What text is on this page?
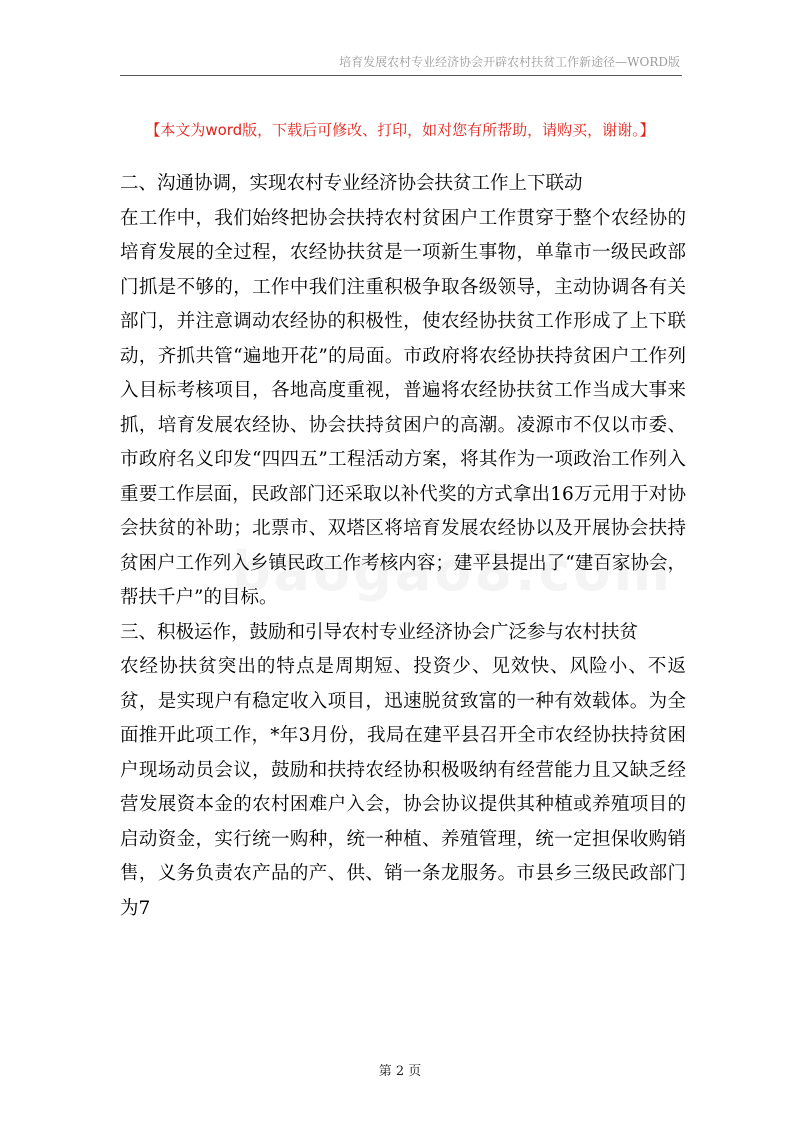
培育发展农村专业经济协会开辟农村扶贫工作新途径—WORD版
【本文为word版，下载后可修改、打印，如对您有所帮助，请购买，谢谢。】

二、沟通协调，实现农村专业经济协会扶贫工作上下联动

在工作中，我们始终把协会扶持农村贫困户工作贯穿于整个农经协的培育发展的全过程，农经协扶贫是一项新生事物，单靠市一级民政部门抓是不够的，工作中我们注重积极争取各级领导，主动协调各有关部门，并注意调动农经协的积极性，使农经协扶贫工作形成了上下联动，齐抓共管“遍地开花”的局面。市政府将农经协扶持贫困户工作列入目标考核项目，各地高度重视，普遍将农经协扶贫工作当成大事来抓，培育发展农经协、协会扶持贫困户的高潮。凌源市不仅以市委、市政府名义印发“四四五”工程活动方案，将其作为一项政治工作列入重要工作层面，民政部门还采取以补代奖的方式拿出16万元用于对协会扶贫的补助；北票市、双塔区将培育发展农经协以及开展协会扶持贫困户工作列入乡镇民政工作考核内容；建平县提出了“建百家协会，帮扶千户”的目标。

三、积极运作，鼓励和引导农村专业经济协会广泛参与农村扶贫

农经协扶贫突出的特点是周期短、投资少、见效快、风险小、不返贫，是实现户有稳定收入项目，迅速脱贫致富的一种有效载体。为全面推开此项工作，*年3月份，我局在建平县召开全市农经协扶持贫困户现场动员会议，鼓励和扶持农经协积极吸纳有经营能力且又缺乏经营发展资本金的农村困难户入会，协会协议提供其种植或养殖项目的启动资金，实行统一购种，统一种植、养殖管理，统一定担保收购销售，义务负责农产品的产、供、销一条龙服务。市县乡三级民政部门为7

第 2 页
